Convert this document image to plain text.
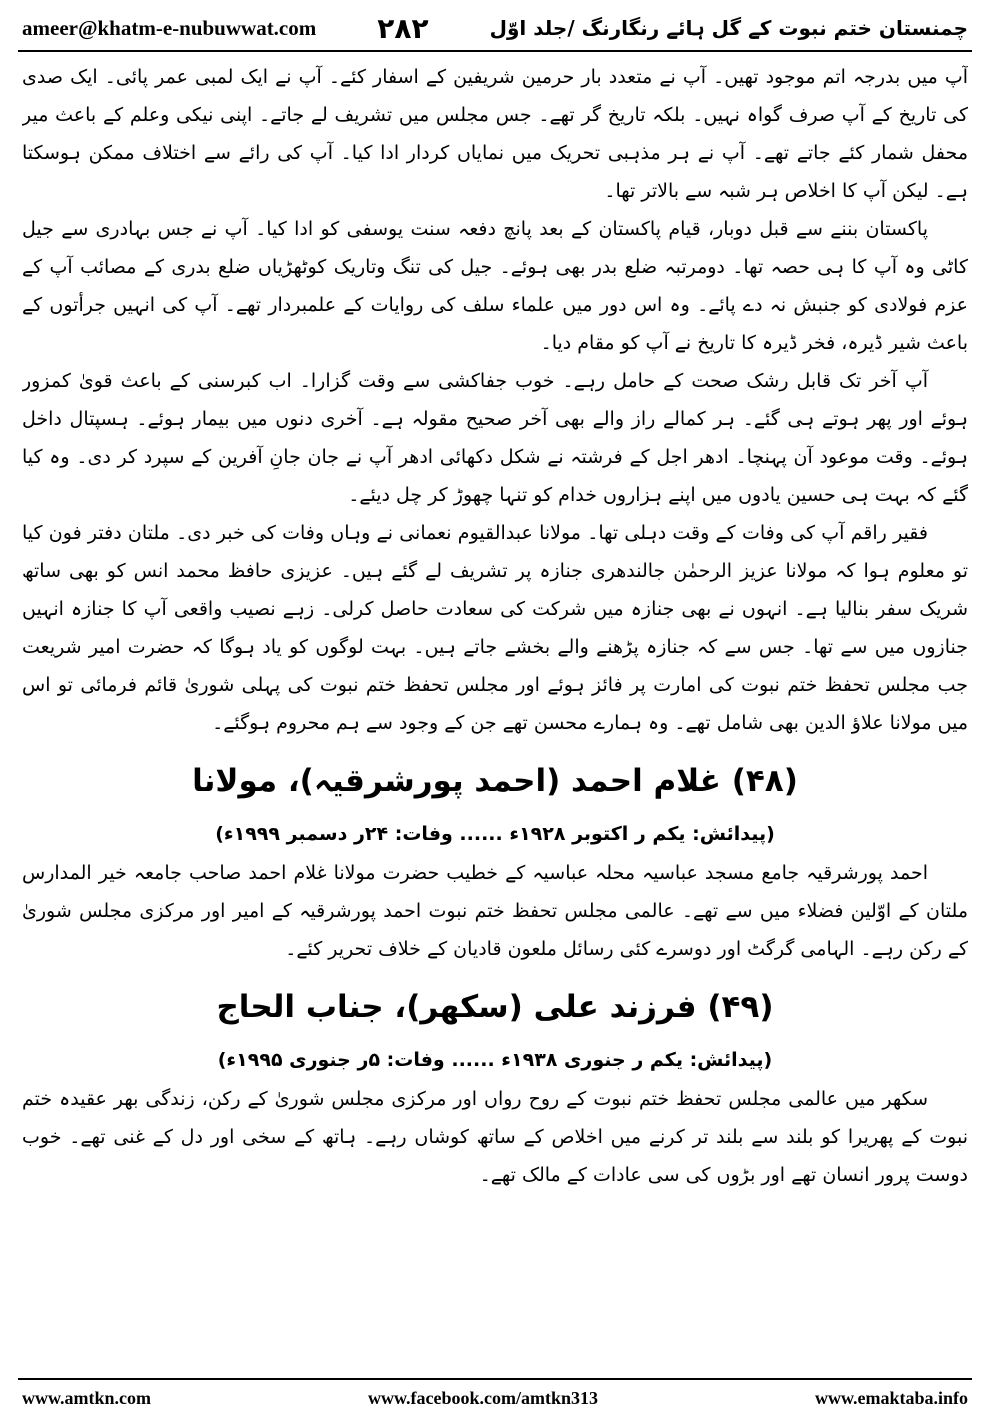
ameer@khatm-e-nubuwwat.com ۲۸۲	چمنستان ختم نبوت کے گل ہائے رنگارنگ /جلد اوّل

آپ میں بدرجہ اتم موجود تھیں۔ آپ نے متعدد بار حرمین شریفین کے اسفار کئے۔ آپ نے ایک لمبی عمر پائی۔ ایک صدی کی تاریخ کے آپ صرف گواہ نہیں۔ بلکہ تاریخ گر تھے۔ جس مجلس میں تشریف لے جاتے۔ اپنی نیکی وعلم کے باعث میر محفل شمار کئے جاتے تھے۔ آپ نے ہر مذہبی تحریک میں نمایاں کردار ادا کیا۔ آپ کی رائے سے اختلاف ممکن ہوسکتا ہے۔ لیکن آپ کا اخلاص ہر شبہ سے بالاتر تھا۔

پاکستان بننے سے قبل دوبار، قیام پاکستان کے بعد پانچ دفعہ سنت یوسفی کو ادا کیا۔ آپ نے جس بہادری سے جیل کاٹی وہ آپ کا ہی حصہ تھا۔ دومرتبہ ضلع بدر بھی ہوئے۔ جیل کی تنگ وتاریک کوٹھڑیاں ضلع بدری کے مصائب آپ کے عزم فولادی کو جنبش نہ دے پائے۔ وہ اس دور میں علماء سلف کی روایات کے علمبردار تھے۔ آپ کی انہیں جرأتوں کے باعث شیر ڈیرہ، فخر ڈیرہ کا تاریخ نے آپ کو مقام دیا۔

آپ آخر تک قابل رشک صحت کے حامل رہے۔ خوب جفاکشی سے وقت گزارا۔ اب کبرسنی کے باعث قویٰ کمزور ہوئے اور پھر ہوتے ہی گئے۔ ہر کمالے راز والے بھی آخر صحیح مقولہ ہے۔ آخری دنوں میں بیمار ہوئے۔ ہسپتال داخل ہوئے۔ وقت موعود آن پہنچا۔ ادھر اجل کے فرشتہ نے شکل دکھائی ادھر آپ نے جان جانِ آفرین کے سپرد کر دی۔ وہ کیا گئے کہ بہت ہی حسین یادوں میں اپنے ہزاروں خدام کو تنہا چھوڑ کر چل دیئے۔

فقیر راقم آپ کی وفات کے وقت دہلی تھا۔ مولانا عبدالقیوم نعمانی نے وہاں وفات کی خبر دی۔ ملتان دفتر فون کیا تو معلوم ہوا کہ مولانا عزیز الرحمٰن جالندھری جنازہ پر تشریف لے گئے ہیں۔ عزیزی حافظ محمد انس کو بھی ساتھ شریک سفر بنالیا ہے۔ انہوں نے بھی جنازہ میں شرکت کی سعادت حاصل کرلی۔ زہے نصیب واقعی آپ کا جنازہ انہیں جنازوں میں سے تھا۔ جس سے کہ جنازہ پڑھنے والے بخشے جاتے ہیں۔ بہت لوگوں کو یاد ہوگا کہ حضرت امیر شریعت جب مجلس تحفظ ختم نبوت کی امارت پر فائز ہوئے اور مجلس تحفظ ختم نبوت کی پہلی شوریٰ قائم فرمائی تو اس میں مولانا علاؤ الدین بھی شامل تھے۔ وہ ہمارے محسن تھے جن کے وجود سے ہم محروم ہوگئے۔

(۴۸) غلام احمد (احمد پورشرقیہ)، مولانا
(پیدائش: یکم ر اکتوبر ۱۹۲۸ء ...... وفات: ۲۴ر دسمبر ۱۹۹۹ء)

احمد پورشرقیہ جامع مسجد عباسیہ محلہ عباسیہ کے خطیب حضرت مولانا غلام احمد صاحب جامعہ خیر المدارس ملتان کے اوّلین فضلاء میں سے تھے۔ عالمی مجلس تحفظ ختم نبوت احمد پورشرقیہ کے امیر اور مرکزی مجلس شوریٰ کے رکن رہے۔ الہامی گرگٹ اور دوسرے کئی رسائل ملعون قادیان کے خلاف تحریر کئے۔

(۴۹) فرزند علی (سکھر)، جناب الحاج
(پیدائش: یکم ر جنوری ۱۹۳۸ء ...... وفات: ۵ر جنوری ۱۹۹۵ء)

سکھر میں عالمی مجلس تحفظ ختم نبوت کے روح رواں اور مرکزی مجلس شوریٰ کے رکن، زندگی بھر عقیدہ ختم نبوت کے پھریرا کو بلند سے بلند تر کرنے میں اخلاص کے ساتھ کوشاں رہے۔ ہاتھ کے سخی اور دل کے غنی تھے۔ خوب دوست پرور انسان تھے اور بڑوں کی سی عادات کے مالک تھے۔

www.amtkn.com	www.facebook.com/amtkn313	www.emaktaba.info
